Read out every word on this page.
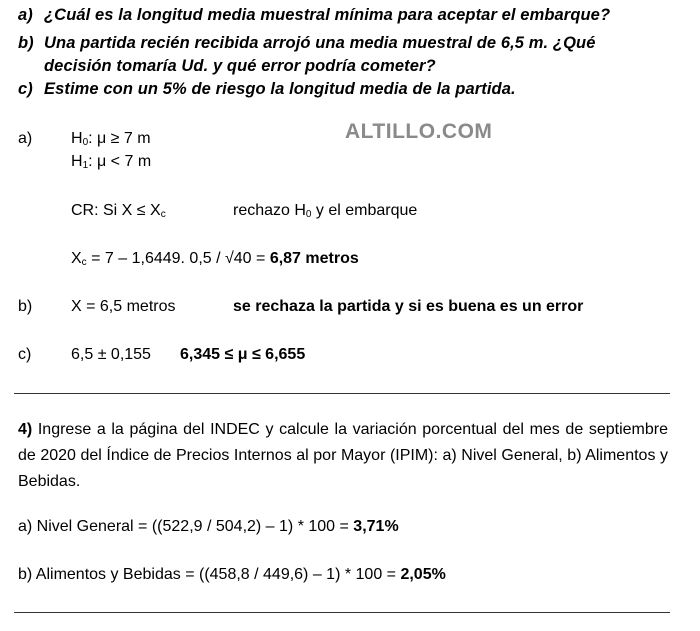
a) ¿Cuál es la longitud media muestral mínima para aceptar el embarque?
b) Una partida recién recibida arrojó una media muestral de 6,5 m. ¿Qué
decisión tomaría Ud. y qué error podría cometer?
c) Estime con un 5% de riesgo la longitud media de la partida.
a) $H_0$: μ ≥ 7 m	ALTILLO.COM
$H_1$: μ < 7 m
CR: Si $X \le X_c$	rechazo $H_0$ y el embarque
$X_c = 7 - 1,6449$. 0,5 / √40 = 6,87 metros
b) X = 6,5 metros	se rechaza la partida y si es buena es un error
c) 6,5 ± 0,155 6,345 ≤ μ ≤ 6,655

4) Ingrese a la página del INDEC y calcule la variación porcentual del mes de septiembre de 2020 del Índice de Precios Internos al por Mayor (IPIM): a) Nivel General, b) Alimentos y Bebidas.

a) Nivel General = ((522,9 / 504,2) – 1) * 100 = 3,71%
b) Alimentos y Bebidas = ((458,8 / 449,6) – 1) * 100 = 2,05%
